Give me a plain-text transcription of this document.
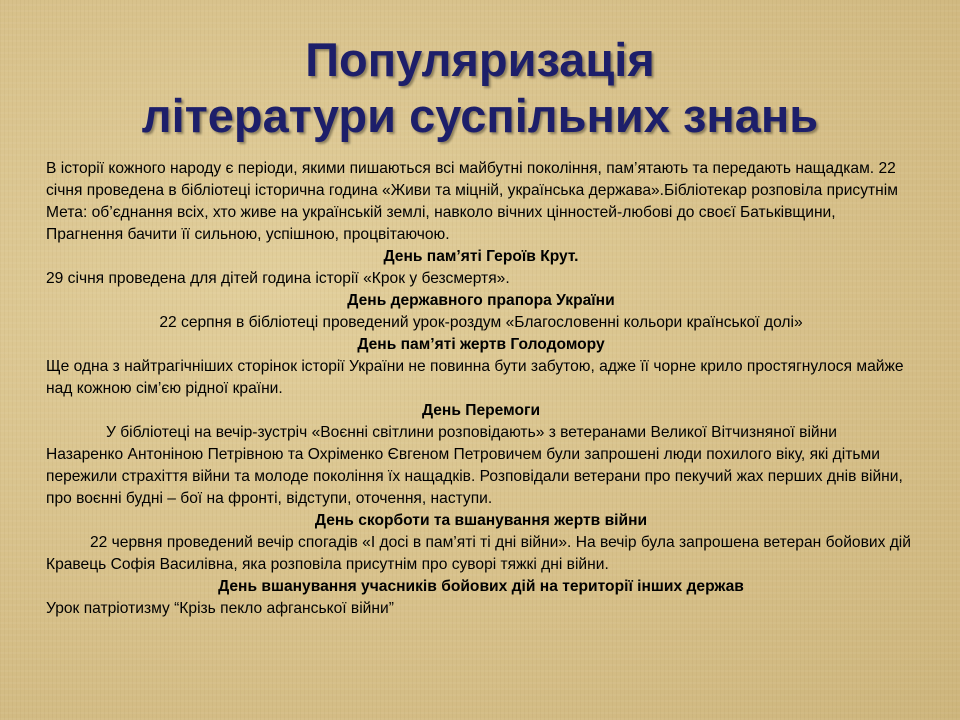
Популяризація
літератури суспільних знань

В історії кожного народу є періоди, якими пишаються всі майбутні покоління, пам’ятають та передають нащадкам. 22 січня проведена в бібліотеці історична година «Живи та міцній, українська держава».Бібліотекар розповіла присутнім

Мета: об’єднання всіх, хто живе на українській землі, навколо вічних цінностей-любові до своєї Батьківщини, Прагнення бачити її сильною, успішною, процвітаючою.

День пам’яті Героїв Крут.

29 січня проведена для дітей година історії «Крок у безсмертя».

День державного прапора України

22 серпня в бібліотеці проведений урок-роздум «Благословенні кольори країнської долі»

День пам’яті жертв Голодомору

Ще одна з найтрагічніших сторінок історії України не повинна бути забутою, адже її чорне крило простягнулося майже над кожною сім’єю рідної країни.

День Перемоги

У бібліотеці на вечір-зустріч «Воєнні світлини розповідають» з ветеранами Великої Вітчизняної війни Назаренко Антоніною Петрівною та Охріменко Євгеном Петровичем були запрошені люди похилого віку, які дітьми пережили страхіття війни та молоде покоління їх нащадків. Розповідали ветерани про пекучий жах перших днів війни, про воєнні будні – бої на фронті, відступи, оточення, наступи.

День скорботи та вшанування жертв війни

22 червня проведений вечір спогадів «І досі в пам’яті ті дні війни». На вечір була запрошена ветеран бойових дій Кравець Софія Василівна, яка розповіла присутнім про суворі тяжкі дні війни.

День вшанування учасників бойових дій на території інших держав

Урок патріотизму “Крізь пекло афганської війни”
